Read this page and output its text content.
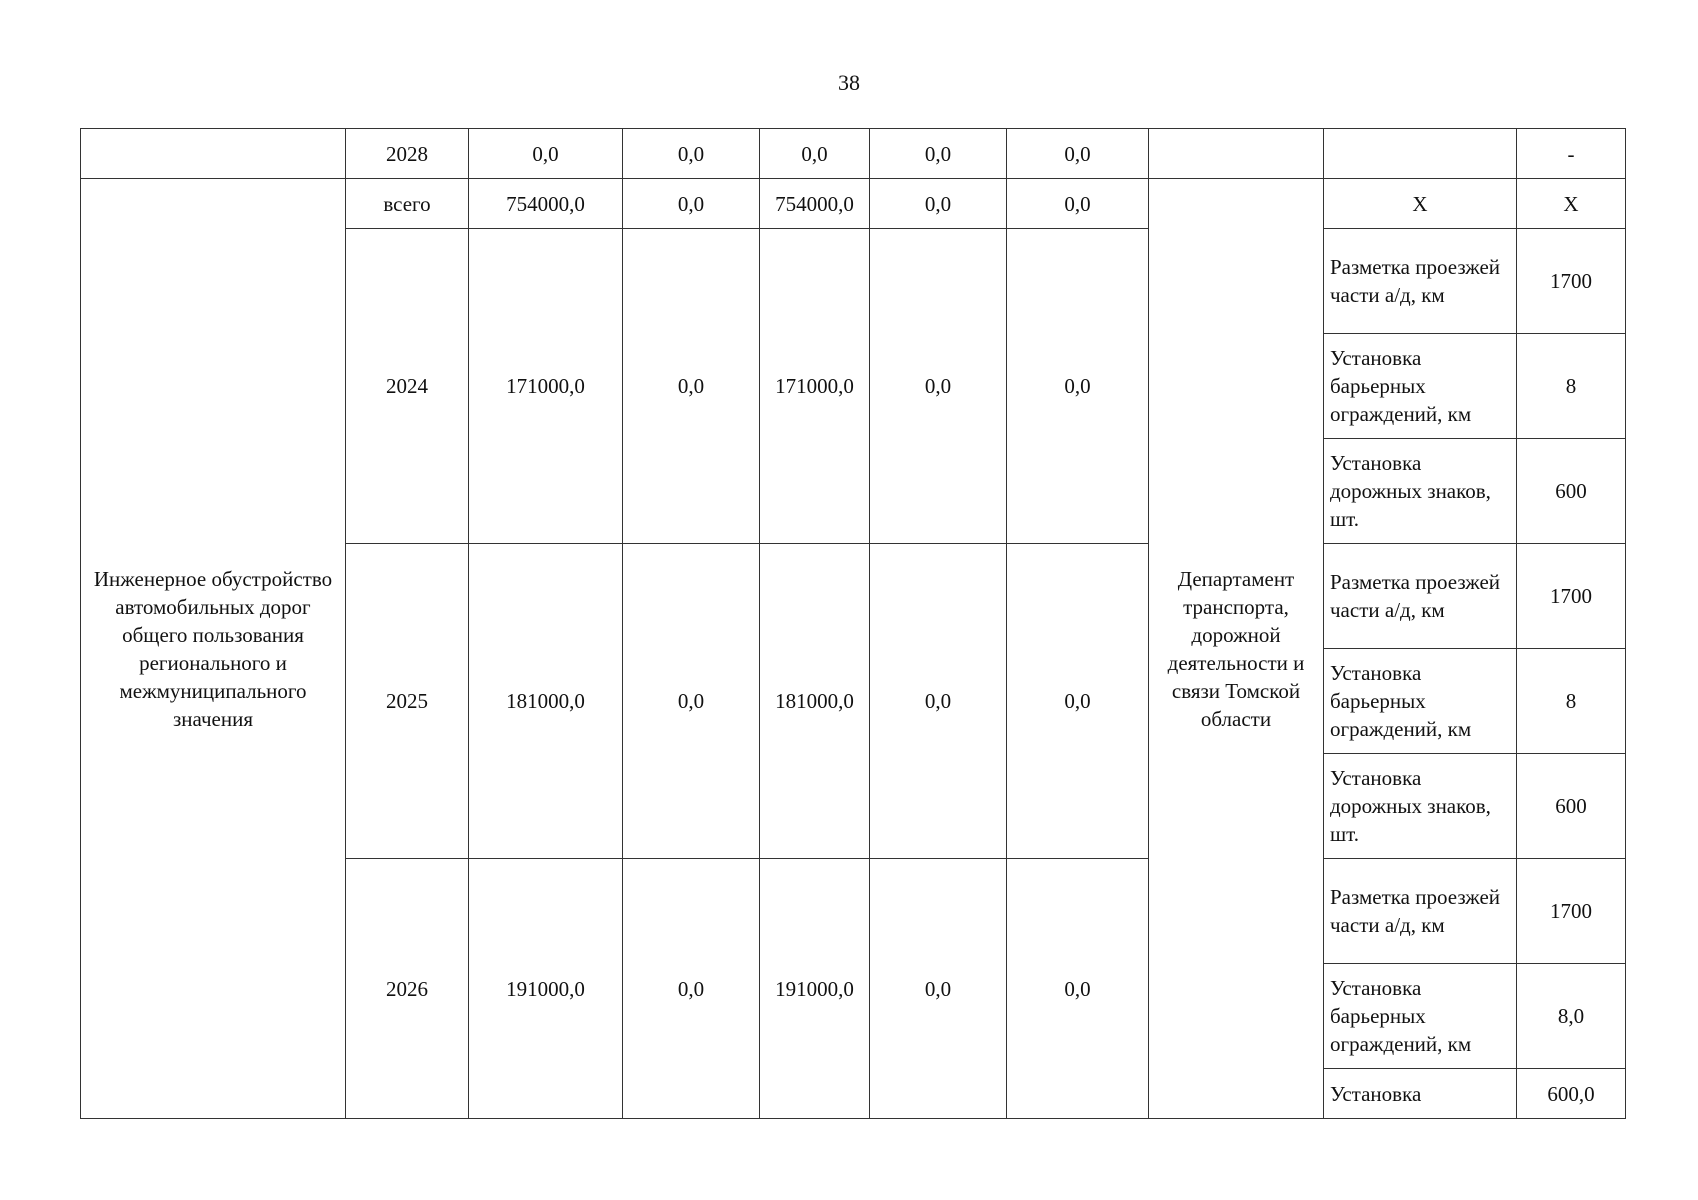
38
	2028	0,0	0,0	0,0	0,0	0,0			-
Инженерное обустройство автомобильных дорог общего пользования регионального и межмуниципального значения	всего	754000,0	0,0	754000,0	0,0	0,0	Департамент транспорта, дорожной деятельности и связи Томской области	Х	Х
	2024	171000,0	0,0	171000,0	0,0	0,0		Разметка проезжей части а/д, км	1700
								Установка барьерных ограждений, км	8
								Установка дорожных знаков, шт.	600
	2025	181000,0	0,0	181000,0	0,0	0,0		Разметка проезжей части а/д, км	1700
								Установка барьерных ограждений, км	8
								Установка дорожных знаков, шт.	600
	2026	191000,0	0,0	191000,0	0,0	0,0		Разметка проезжей части а/д, км	1700
								Установка барьерных ограждений, км	8,0
								Установка	600,0
